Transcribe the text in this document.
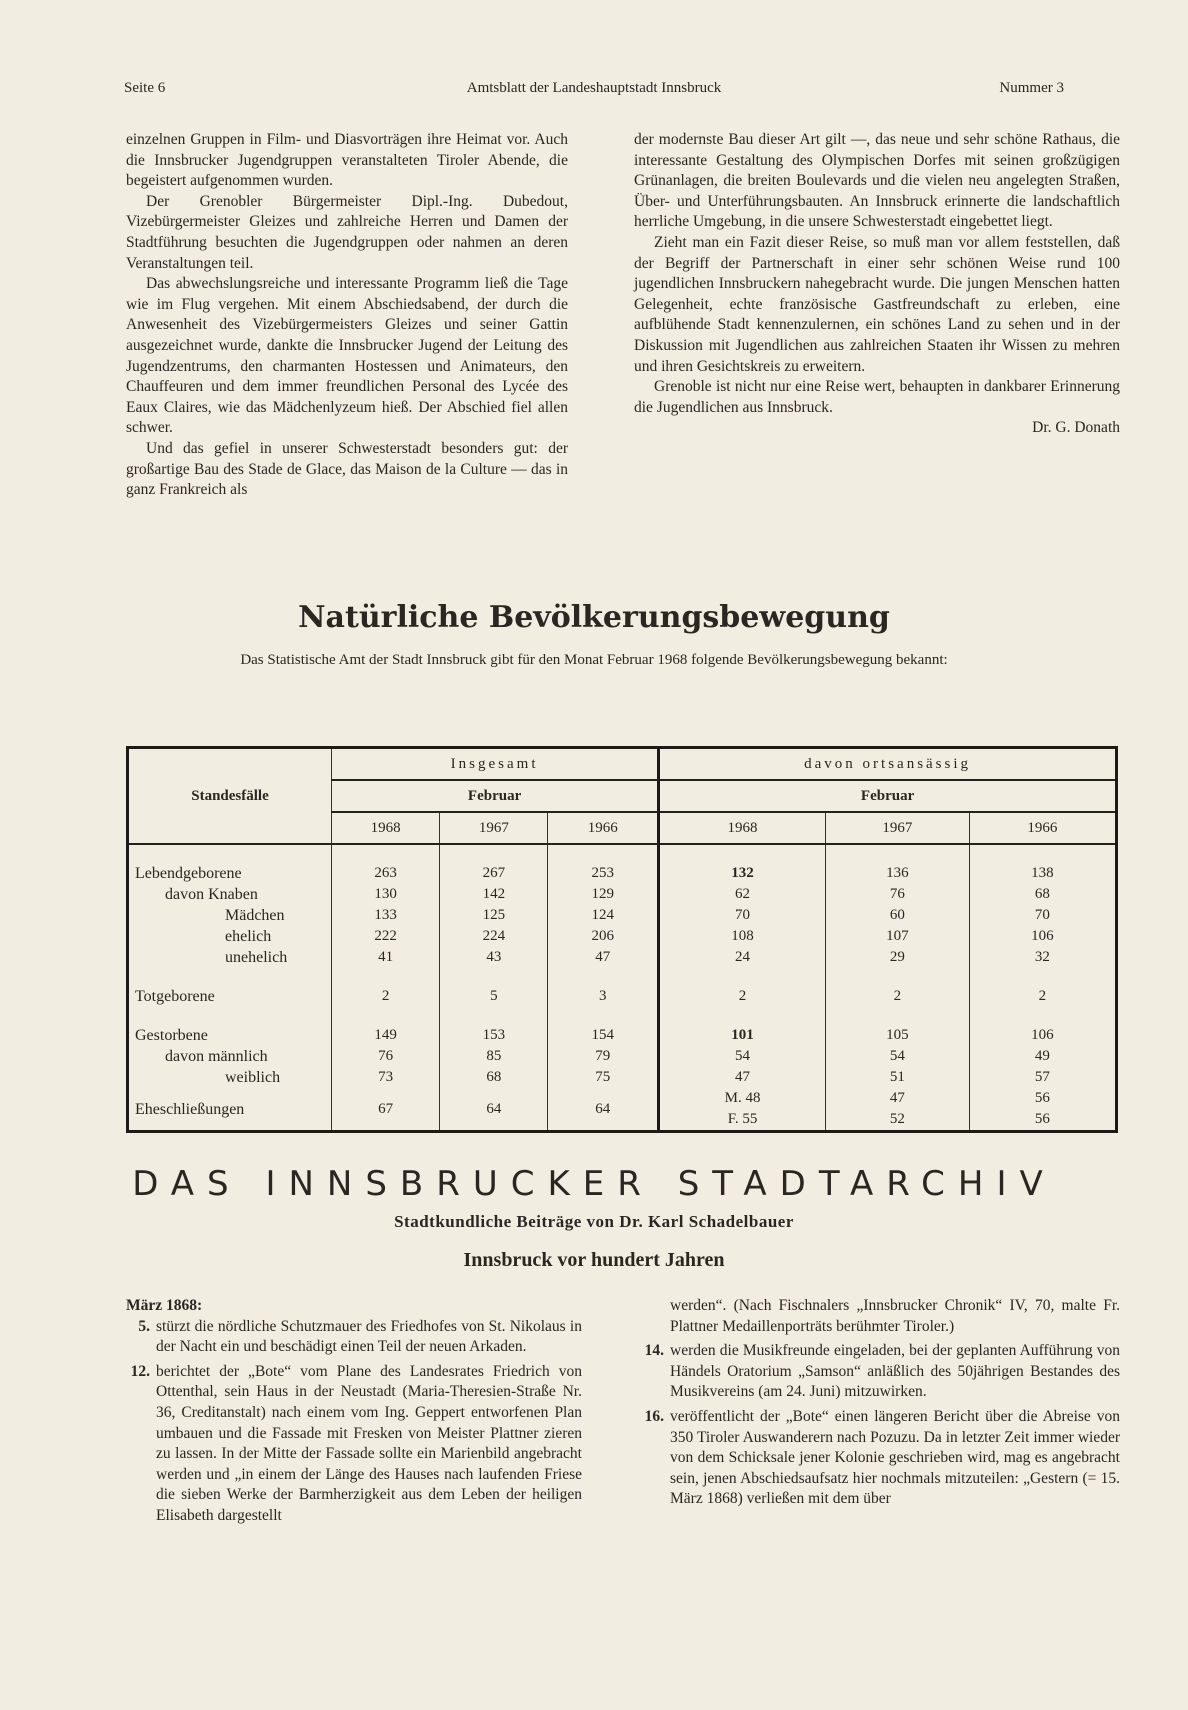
Seite 6	Amtsblatt der Landeshauptstadt Innsbruck	Nummer 3

einzelnen Gruppen in Film- und Diasvorträgen ihre Heimat vor. Auch die Innsbrucker Jugendgruppen veranstalteten Tiroler Abende, die begeistert aufgenommen wurden.

Der Grenobler Bürgermeister Dipl.-Ing. Dubedout, Vizebürgermeister Gleizes und zahlreiche Herren und Damen der Stadtführung besuchten die Jugendgruppen oder nahmen an deren Veranstaltungen teil.

Das abwechslungsreiche und interessante Programm ließ die Tage wie im Flug vergehen. Mit einem Abschiedsabend, der durch die Anwesenheit des Vizebürgermeisters Gleizes und seiner Gattin ausgezeichnet wurde, dankte die Innsbrucker Jugend der Leitung des Jugendzentrums, den charmanten Hostessen und Animateurs, den Chauffeuren und dem immer freundlichen Personal des Lycée des Eaux Claires, wie das Mädchenlyzeum hieß. Der Abschied fiel allen schwer.

Und das gefiel in unserer Schwesterstadt besonders gut: der großartige Bau des Stade de Glace, das Maison de la Culture — das in ganz Frankreich als

der modernste Bau dieser Art gilt —, das neue und sehr schöne Rathaus, die interessante Gestaltung des Olympischen Dorfes mit seinen großzügigen Grünanlagen, die breiten Boulevards und die vielen neu angelegten Straßen, Über- und Unterführungsbauten. An Innsbruck erinnerte die landschaftlich herrliche Umgebung, in die unsere Schwesterstadt eingebettet liegt.

Zieht man ein Fazit dieser Reise, so muß man vor allem feststellen, daß der Begriff der Partnerschaft in einer sehr schönen Weise rund 100 jugendlichen Innsbruckern nahegebracht wurde. Die jungen Menschen hatten Gelegenheit, echte französische Gastfreundschaft zu erleben, eine aufblühende Stadt kennenzulernen, ein schönes Land zu sehen und in der Diskussion mit Jugendlichen aus zahlreichen Staaten ihr Wissen zu mehren und ihren Gesichtskreis zu erweitern.

Grenoble ist nicht nur eine Reise wert, behaupten in dankbarer Erinnerung die Jugendlichen aus Innsbruck.

Dr. G. Donath

Natürliche Bevölkerungsbewegung
Das Statistische Amt der Stadt Innsbruck gibt für den Monat Februar 1968 folgende Bevölkerungsbewegung bekannt:
Standesfälle	Insgesamt			davon ortsansässig		
	Februar			Februar		
	1968	1967	1966	1968	1967	1966

Lebendgeborene	263	267	253	132	136	138
davon Knaben	130	142	129	62	76	68
Mädchen	133	125	124	70	60	70
ehelich	222	224	206	108	107	106
unehelich	41	43	47	24	29	32

Totgeborene	2	5	3	2	2	2

Gestorbene	149	153	154	101	105	106
davon männlich	76	85	79	54	54	49
weiblich	73	68	75	47	51	57
Eheschließungen	67	64	64	M. 48	47	56
				F. 55	52	56
DAS INNSBRUCKER STADTARCHIV
Stadtkundliche Beiträge von Dr. Karl Schadelbauer
Innsbruck vor hundert Jahren
März 1868:
5. stürzt die nördliche Schutzmauer des Friedhofes von St. Nikolaus in der Nacht ein und beschädigt einen Teil der neuen Arkaden.
12. berichtet der „Bote“ vom Plane des Landesrates Friedrich von Ottenthal, sein Haus in der Neustadt (Maria-Theresien-Straße Nr. 36, Creditanstalt) nach einem vom Ing. Geppert entworfenen Plan umbauen und die Fassade mit Fresken von Meister Plattner zieren zu lassen. In der Mitte der Fassade sollte ein Marienbild angebracht werden und „in einem der Länge des Hauses nach laufenden Friese die sieben Werke der Barmherzigkeit aus dem Leben der heiligen Elisabeth dargestellt
werden“. (Nach Fischnalers „Innsbrucker Chronik“ IV, 70, malte Fr. Plattner Medaillenporträts berühmter Tiroler.)
14. werden die Musikfreunde eingeladen, bei der geplanten Aufführung von Händels Oratorium „Samson“ anläßlich des 50jährigen Bestandes des Musikvereins (am 24. Juni) mitzuwirken.
16. veröffentlicht der „Bote“ einen längeren Bericht über die Abreise von 350 Tiroler Auswanderern nach Pozuzu. Da in letzter Zeit immer wieder von dem Schicksale jener Kolonie geschrieben wird, mag es angebracht sein, jenen Abschiedsaufsatz hier nochmals mitzuteilen: „Gestern (= 15. März 1868) verließen mit dem über
